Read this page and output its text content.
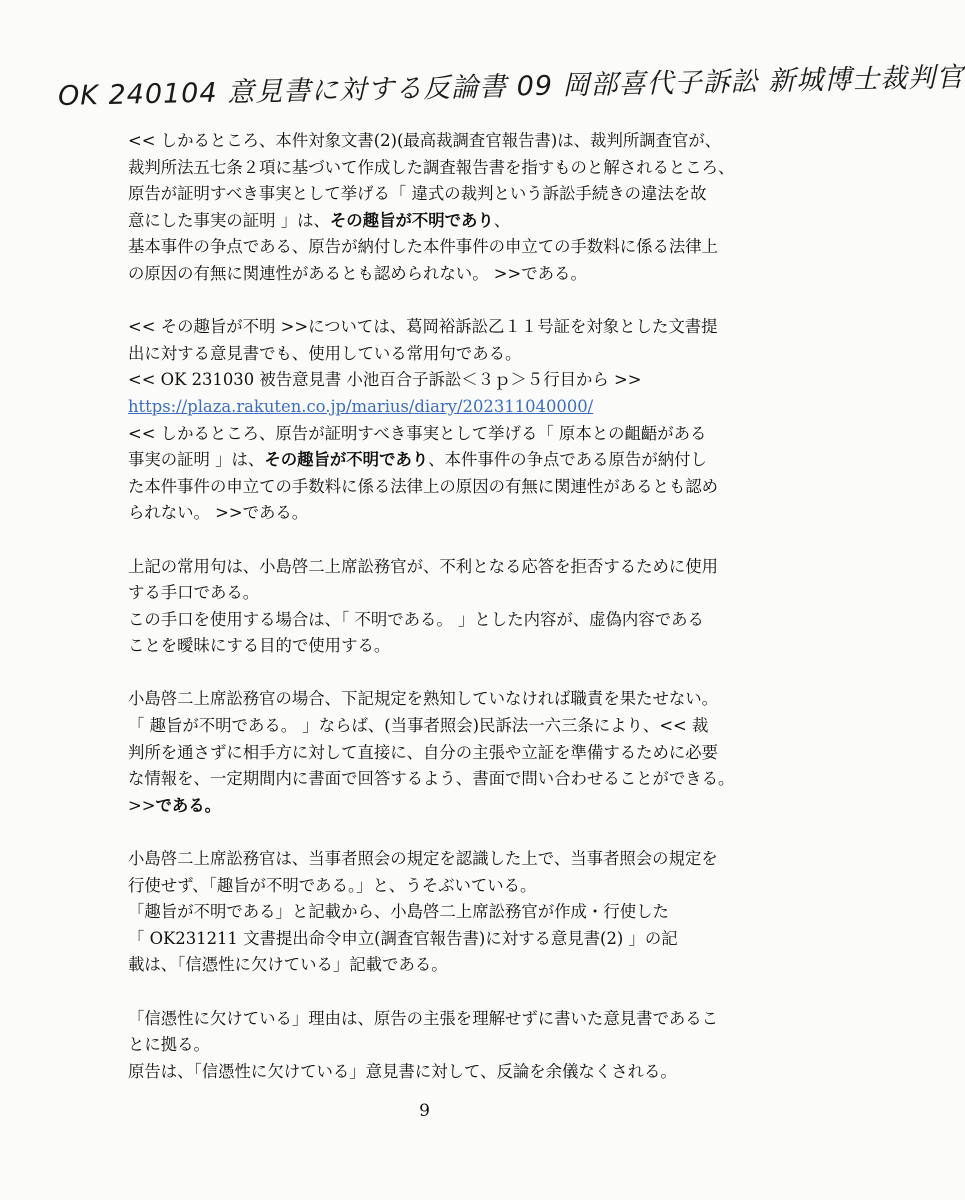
OK 240104 意見書に対する反論書 09 岡部喜代子訴訟 新城博士裁判官

<< しかるところ、本件対象文書(2)(最高裁調査官報告書)は、裁判所調査官が、

裁判所法五七条２項に基づいて作成した調査報告書を指すものと解されるところ、

原告が証明すべき事実として挙げる「 違式の裁判という訴訟手続きの違法を故

意にした事実の証明 」は、その趣旨が不明であり、

基本事件の争点である、原告が納付した本件事件の申立ての手数料に係る法律上

の原因の有無に関連性があるとも認められない。 >>である。

<< その趣旨が不明 >>については、葛岡裕訴訟乙１１号証を対象とした文書提

出に対する意見書でも、使用している常用句である。

<< OK 231030 被告意見書 小池百合子訴訟＜３ｐ＞５行目から >>

https://plaza.rakuten.co.jp/marius/diary/202311040000/

<< しかるところ、原告が証明すべき事実として挙げる「 原本との齟齬がある

事実の証明 」は、その趣旨が不明であり、本件事件の争点である原告が納付し

た本件事件の申立ての手数料に係る法律上の原因の有無に関連性があるとも認め

られない。 >>である。

上記の常用句は、小島啓二上席訟務官が、不利となる応答を拒否するために使用

する手口である。

この手口を使用する場合は、「 不明である。 」とした内容が、虚偽内容である

ことを曖昧にする目的で使用する。

小島啓二上席訟務官の場合、下記規定を熟知していなければ職責を果たせない。

「 趣旨が不明である。 」ならば、(当事者照会)民訴法一六三条により、<< 裁

判所を通さずに相手方に対して直接に、自分の主張や立証を準備するために必要

な情報を、一定期間内に書面で回答するよう、書面で問い合わせることができる。

>>である。

小島啓二上席訟務官は、当事者照会の規定を認識した上で、当事者照会の規定を

行使せず、「趣旨が不明である。」と、うそぶいている。

「趣旨が不明である」と記載から、小島啓二上席訟務官が作成・行使した

「 OK231211 文書提出命令申立(調査官報告書)に対する意見書(2) 」の記

載は、「信憑性に欠けている」記載である。

「信憑性に欠けている」理由は、原告の主張を理解せずに書いた意見書であるこ

とに拠る。

原告は、「信憑性に欠けている」意見書に対して、反論を余儀なくされる。

9
